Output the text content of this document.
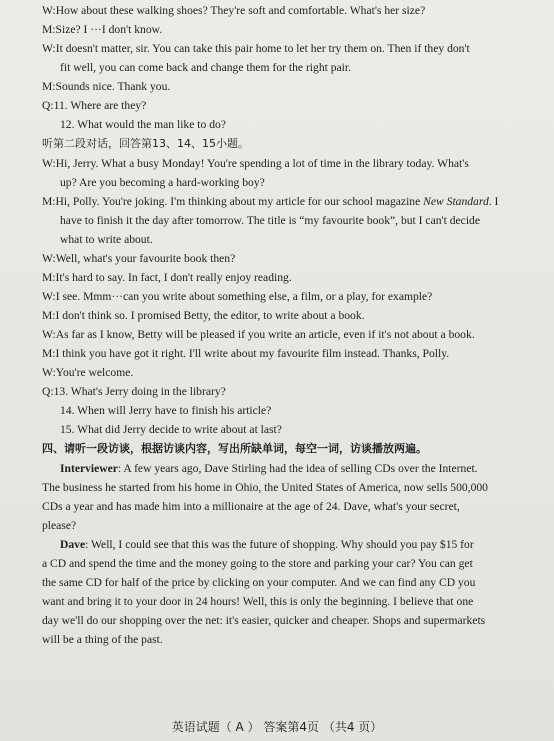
W:How about these walking shoes? They're soft and comfortable. What's her size?
M:Size? I ···I don't know.
W:It doesn't matter, sir. You can take this pair home to let her try them on. Then if they don't
fit well, you can come back and change them for the right pair.
M:Sounds nice. Thank you.
Q:11. Where are they?
12. What would the man like to do?
听第二段对话，回答第13、14、15小题。
W:Hi, Jerry. What a busy Monday! You're spending a lot of time in the library today. What's
up? Are you becoming a hard-working boy?
M:Hi, Polly. You're joking. I'm thinking about my article for our school magazine New Standard. I
have to finish it the day after tomorrow. The title is “my favourite book”, but I can't decide
what to write about.
W:Well, what's your favourite book then?
M:It's hard to say. In fact, I don't really enjoy reading.
W:I see. Mmm···can you write about something else, a film, or a play, for example?
M:I don't think so. I promised Betty, the editor, to write about a book.
W:As far as I know, Betty will be pleased if you write an article, even if it's not about a book.
M:I think you have got it right. I'll write about my favourite film instead. Thanks, Polly.
W:You're welcome.
Q:13. What's Jerry doing in the library?
14. When will Jerry have to finish his article?
15. What did Jerry decide to write about at last?
四、请听一段访谈，根据访谈内容，写出所缺单词，每空一词，访谈播放两遍。
Interviewer: A few years ago, Dave Stirling had the idea of selling CDs over the Internet.
The business he started from his home in Ohio, the United States of America, now sells 500,000
CDs a year and has made him into a millionaire at the age of 24. Dave, what's your secret,
please?
Dave: Well, I could see that this was the future of shopping. Why should you pay $15 for
a CD and spend the time and the money going to the store and parking your car? You can get
the same CD for half of the price by clicking on your computer. And we can find any CD you
want and bring it to your door in 24 hours! Well, this is only the beginning. I believe that one
day we'll do our shopping over the net: it's easier, quicker and cheaper. Shops and supermarkets
will be a thing of the past.
英语试题（ A ） 答案第4页 （共4 页）
